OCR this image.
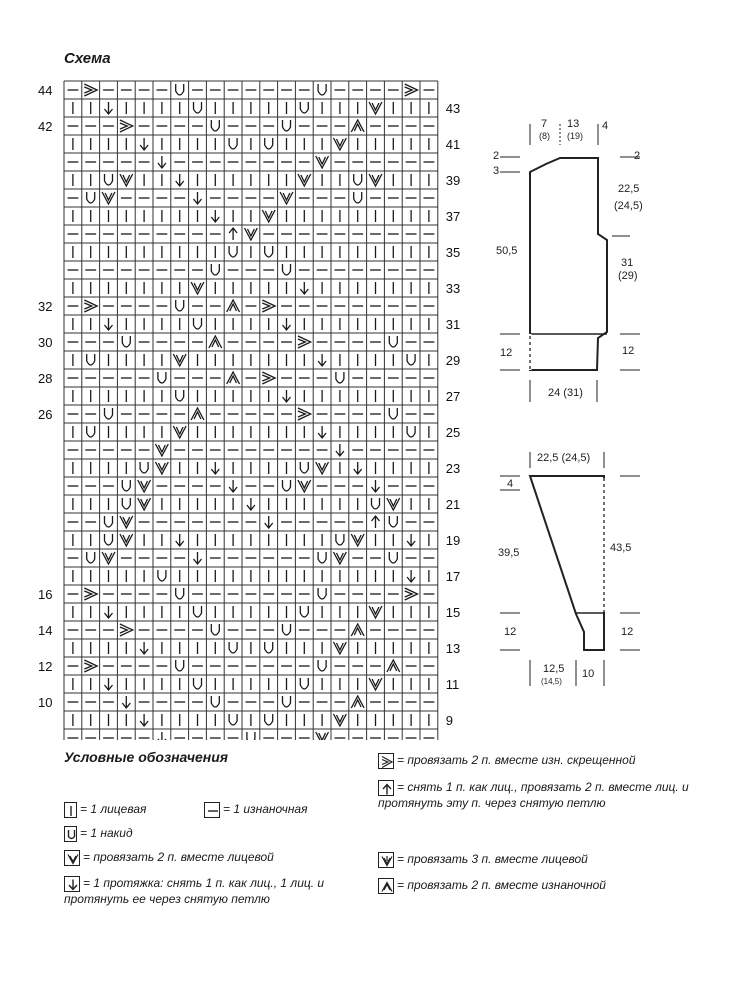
Схема
44
42
32
30
28
26
16
14
12
10
43
41
39
37
35
33
31
29
27
25
23
21
19
17
15
13
11
9
7
(8)
13
(19)
4
2
3
2
22,5
(24,5)
50,5
31
(29)
12	12
24 (31)
22,5 (24,5)
4
39,5	43,5
12	12
12,5
(14,5)
10
Условные обозначения
= 1 лицевая	= 1 изнаночная
= 1 накид
= провязать 2 п. вместе лицевой
= 1 протяжка: снять 1 п. как лиц., 1 лиц. и протянуть ее через снятую петлю
= провязать 2 п. вместе изн. скрещенной
= снять 1 п. как лиц., провязать 2 п. вместе лиц. и протянуть эту п. через снятую петлю
= провязать 3 п. вместе лицевой
= провязать 2 п. вместе изнаночной
